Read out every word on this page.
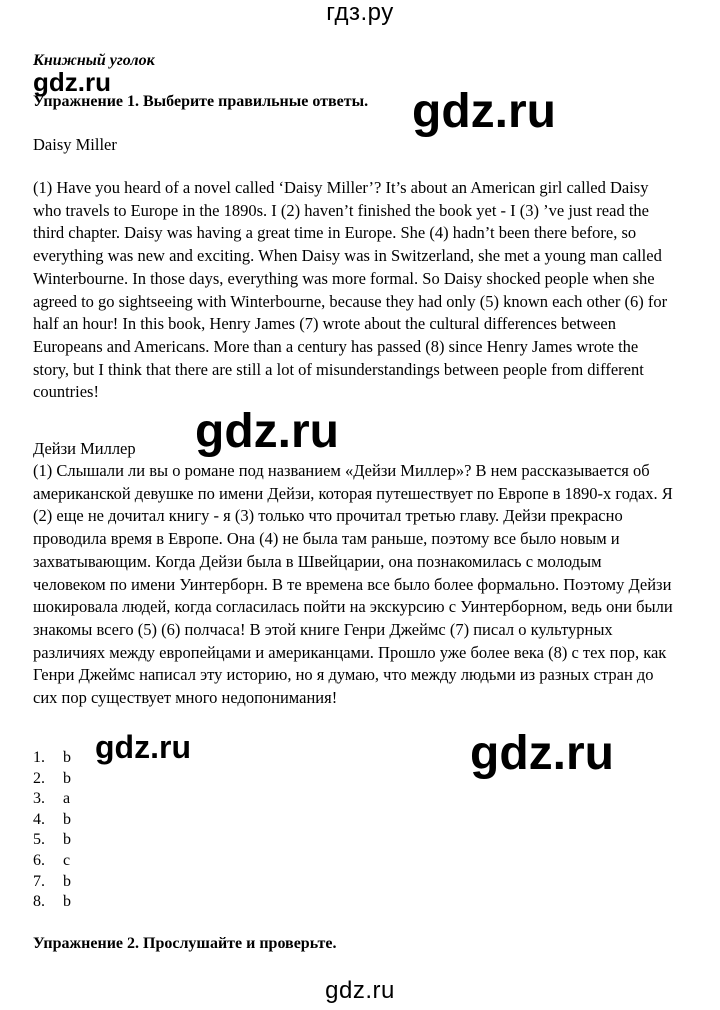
гдз.ру
Книжный уголок
Упражнение 1. Выберите правильные ответы.
gdz.ru
gdz.ru
Daisy Miller
(1) Have you heard of a novel called ‘Daisy Miller’? It’s about an American girl called Daisy who travels to Europe in the 1890s. I (2) haven’t finished the book yet - I (3) ’ve just read the third chapter. Daisy was having a great time in Europe. She (4) hadn’t been there before, so everything was new and exciting. When Daisy was in Switzerland, she met a young man called Winterbourne. In those days, everything was more formal. So Daisy shocked people when she agreed to go sightseeing with Winterbourne, because they had only (5) known each other (6) for half an hour! In this book, Henry James (7) wrote about the cultural differences between Europeans and Americans. More than a century has passed (8) since Henry James wrote the story, but I think that there are still a lot of misunderstandings between people from different countries!
gdz.ru
Дейзи Миллер
(1) Слышали ли вы о романе под названием «Дейзи Миллер»? В нем рассказывается об американской девушке по имени Дейзи, которая путешествует по Европе в 1890-х годах. Я (2) еще не дочитал книгу - я (3) только что прочитал третью главу. Дейзи прекрасно проводила время в Европе. Она (4) не была там раньше, поэтому все было новым и захватывающим. Когда Дейзи была в Швейцарии, она познакомилась с молодым человеком по имени Уинтерборн. В те времена все было более формально. Поэтому Дейзи шокировала людей, когда согласилась пойти на экскурсию с Уинтерборном, ведь они были знакомы всего (5) (6) полчаса! В этой книге Генри Джеймс (7) писал о культурных различиях между европейцами и американцами. Прошло уже более века (8) с тех пор, как Генри Джеймс написал эту историю, но я думаю, что между людьми из разных стран до сих пор существует много недопонимания!
gdz.ru	gdz.ru
1. b
2. b
3. a
4. b
5. b
6. c
7. b
8. b
Упражнение 2. Прослушайте и проверьте.
gdz.ru
